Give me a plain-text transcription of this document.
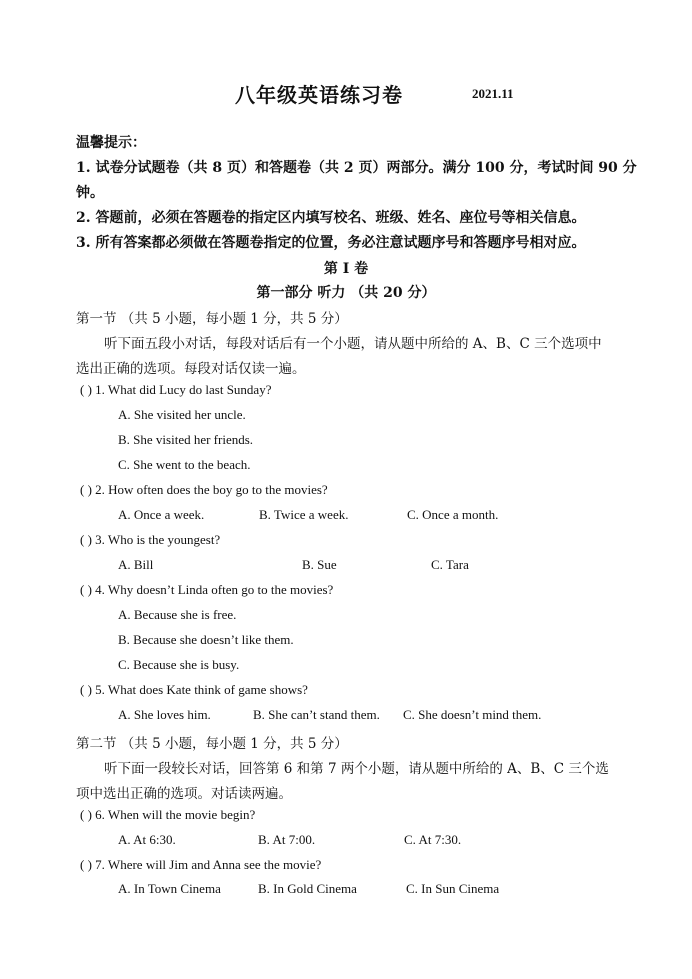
八年级英语练习卷	2021.11
温馨提示：
1. 试卷分试题卷（共 8 页）和答题卷（共 2 页）两部分。满分 100 分，考试时间 90 分
钟。
2. 答题前，必须在答题卷的指定区内填写校名、班级、姓名、座位号等相关信息。
3. 所有答案都必须做在答题卷指定的位置，务必注意试题序号和答题序号相对应。
第 I 卷
第一部分 听力 （共 20 分）
第一节 （共 5 小题，每小题 1 分，共 5 分）
听下面五段小对话，每段对话后有一个小题，请从题中所给的 A、B、C 三个选项中
选出正确的选项。每段对话仅读一遍。
( ) 1. What did Lucy do last Sunday?
A. She visited her uncle.
B. She visited her friends.
C. She went to the beach.
( ) 2. How often does the boy go to the movies?
A. Once a week.	B. Twice a week.	C. Once a month.
( ) 3. Who is the youngest?
A. Bill	B. Sue	C. Tara
( ) 4. Why doesn’t Linda often go to the movies?
A. Because she is free.
B. Because she doesn’t like them.
C. Because she is busy.
( ) 5. What does Kate think of game shows?
A. She loves him.	B. She can’t stand them. C. She doesn’t mind them.
第二节 （共 5 小题，每小题 1 分，共 5 分）
听下面一段较长对话，回答第 6 和第 7 两个小题，请从题中所给的 A、B、C 三个选
项中选出正确的选项。对话读两遍。
( ) 6. When will the movie begin?
A. At 6:30.	B. At 7:00.	C. At 7:30.
( ) 7. Where will Jim and Anna see the movie?
A. In Town Cinema	B. In Gold Cinema	C. In Sun Cinema
